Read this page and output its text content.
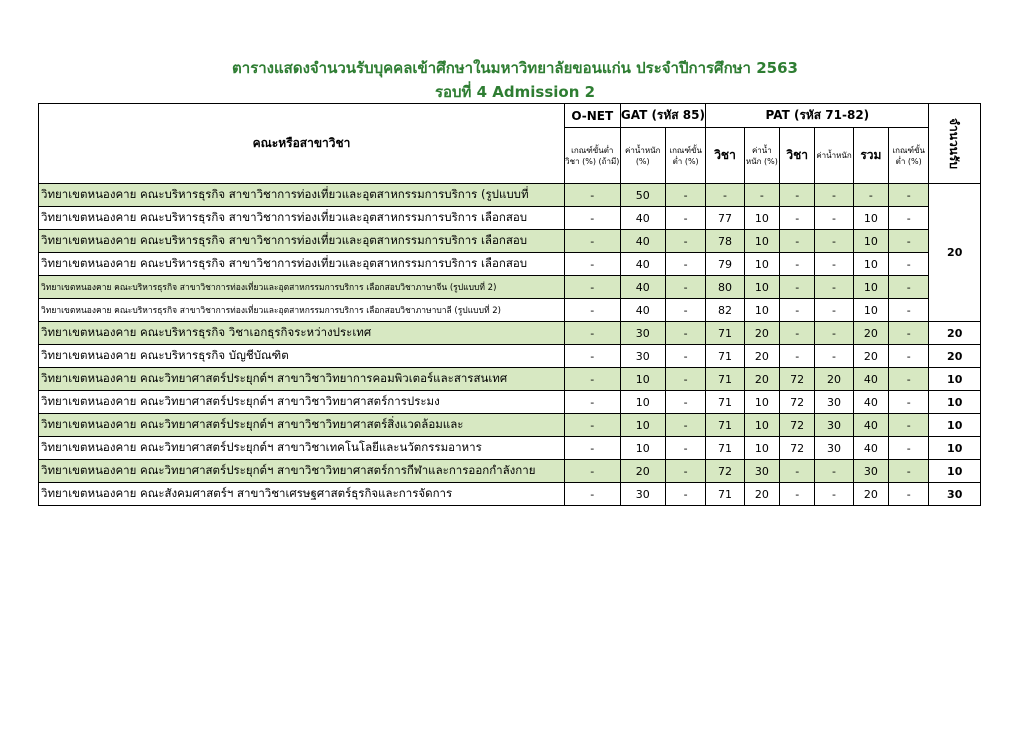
ตารางแสดงจำนวนรับบุคคลเข้าศึกษาในมหาวิทยาลัยขอนแก่น ประจำปีการศึกษา 2563
รอบที่ 4 Admission 2
คณะหรือสาขาวิชา	O-NET	GAT (รหัส 85)		PAT (รหัส 71-82)						จำนวนรับ

	เกณฑ์ขั้นต่ำวิชา (%) (ถ้ามี)	ค่าน้ำหนัก (%)	เกณฑ์ขั้นต่ำ (%)	วิชา	ค่าน้ำหนัก (%)	วิชา	ค่าน้ำหนัก	รวม	เกณฑ์ขั้นต่ำ (%)	
วิทยาเขตหนองคาย คณะบริหารธุรกิจ สาขาวิชาการท่องเที่ยวและอุตสาหกรรมการบริการ (รูปแบบที่	-	50	-	-	-	-	-	-	-	20
วิทยาเขตหนองคาย คณะบริหารธุรกิจ สาขาวิชาการท่องเที่ยวและอุตสาหกรรมการบริการ เลือกสอบ	-	40	-	77	10	-	-	10	-	
วิทยาเขตหนองคาย คณะบริหารธุรกิจ สาขาวิชาการท่องเที่ยวและอุตสาหกรรมการบริการ เลือกสอบ	-	40	-	78	10	-	-	10	-	
วิทยาเขตหนองคาย คณะบริหารธุรกิจ สาขาวิชาการท่องเที่ยวและอุตสาหกรรมการบริการ เลือกสอบ	-	40	-	79	10	-	-	10	-	
วิทยาเขตหนองคาย คณะบริหารธุรกิจ สาขาวิชาการท่องเที่ยวและอุตสาหกรรมการบริการ เลือกสอบวิชาภาษาจีน (รูปแบบที่ 2)	-	40	-	80	10	-	-	10	-	
วิทยาเขตหนองคาย คณะบริหารธุรกิจ สาขาวิชาการท่องเที่ยวและอุตสาหกรรมการบริการ เลือกสอบวิชาภาษาบาลี (รูปแบบที่ 2)	-	40	-	82	10	-	-	10	-	
วิทยาเขตหนองคาย คณะบริหารธุรกิจ วิชาเอกธุรกิจระหว่างประเทศ	-	30	-	71	20	-	-	20	-	20
วิทยาเขตหนองคาย คณะบริหารธุรกิจ บัญชีบัณฑิต	-	30	-	71	20	-	-	20	-	20
วิทยาเขตหนองคาย คณะวิทยาศาสตร์ประยุกต์ฯ สาขาวิชาวิทยาการคอมพิวเตอร์และสารสนเทศ	-	10	-	71	20	72	20	40	-	10
วิทยาเขตหนองคาย คณะวิทยาศาสตร์ประยุกต์ฯ สาขาวิชาวิทยาศาสตร์การประมง	-	10	-	71	10	72	30	40	-	10
วิทยาเขตหนองคาย คณะวิทยาศาสตร์ประยุกต์ฯ สาขาวิชาวิทยาศาสตร์สิ่งแวดล้อมและ	-	10	-	71	10	72	30	40	-	10
วิทยาเขตหนองคาย คณะวิทยาศาสตร์ประยุกต์ฯ สาขาวิชาเทคโนโลยีและนวัตกรรมอาหาร	-	10	-	71	10	72	30	40	-	10
วิทยาเขตหนองคาย คณะวิทยาศาสตร์ประยุกต์ฯ สาขาวิชาวิทยาศาสตร์การกีฬาและการออกกำลังกาย	-	20	-	72	30	-	-	30	-	10
วิทยาเขตหนองคาย คณะสังคมศาสตร์ฯ สาขาวิชาเศรษฐศาสตร์ธุรกิจและการจัดการ	-	30	-	71	20	-	-	20	-	30
